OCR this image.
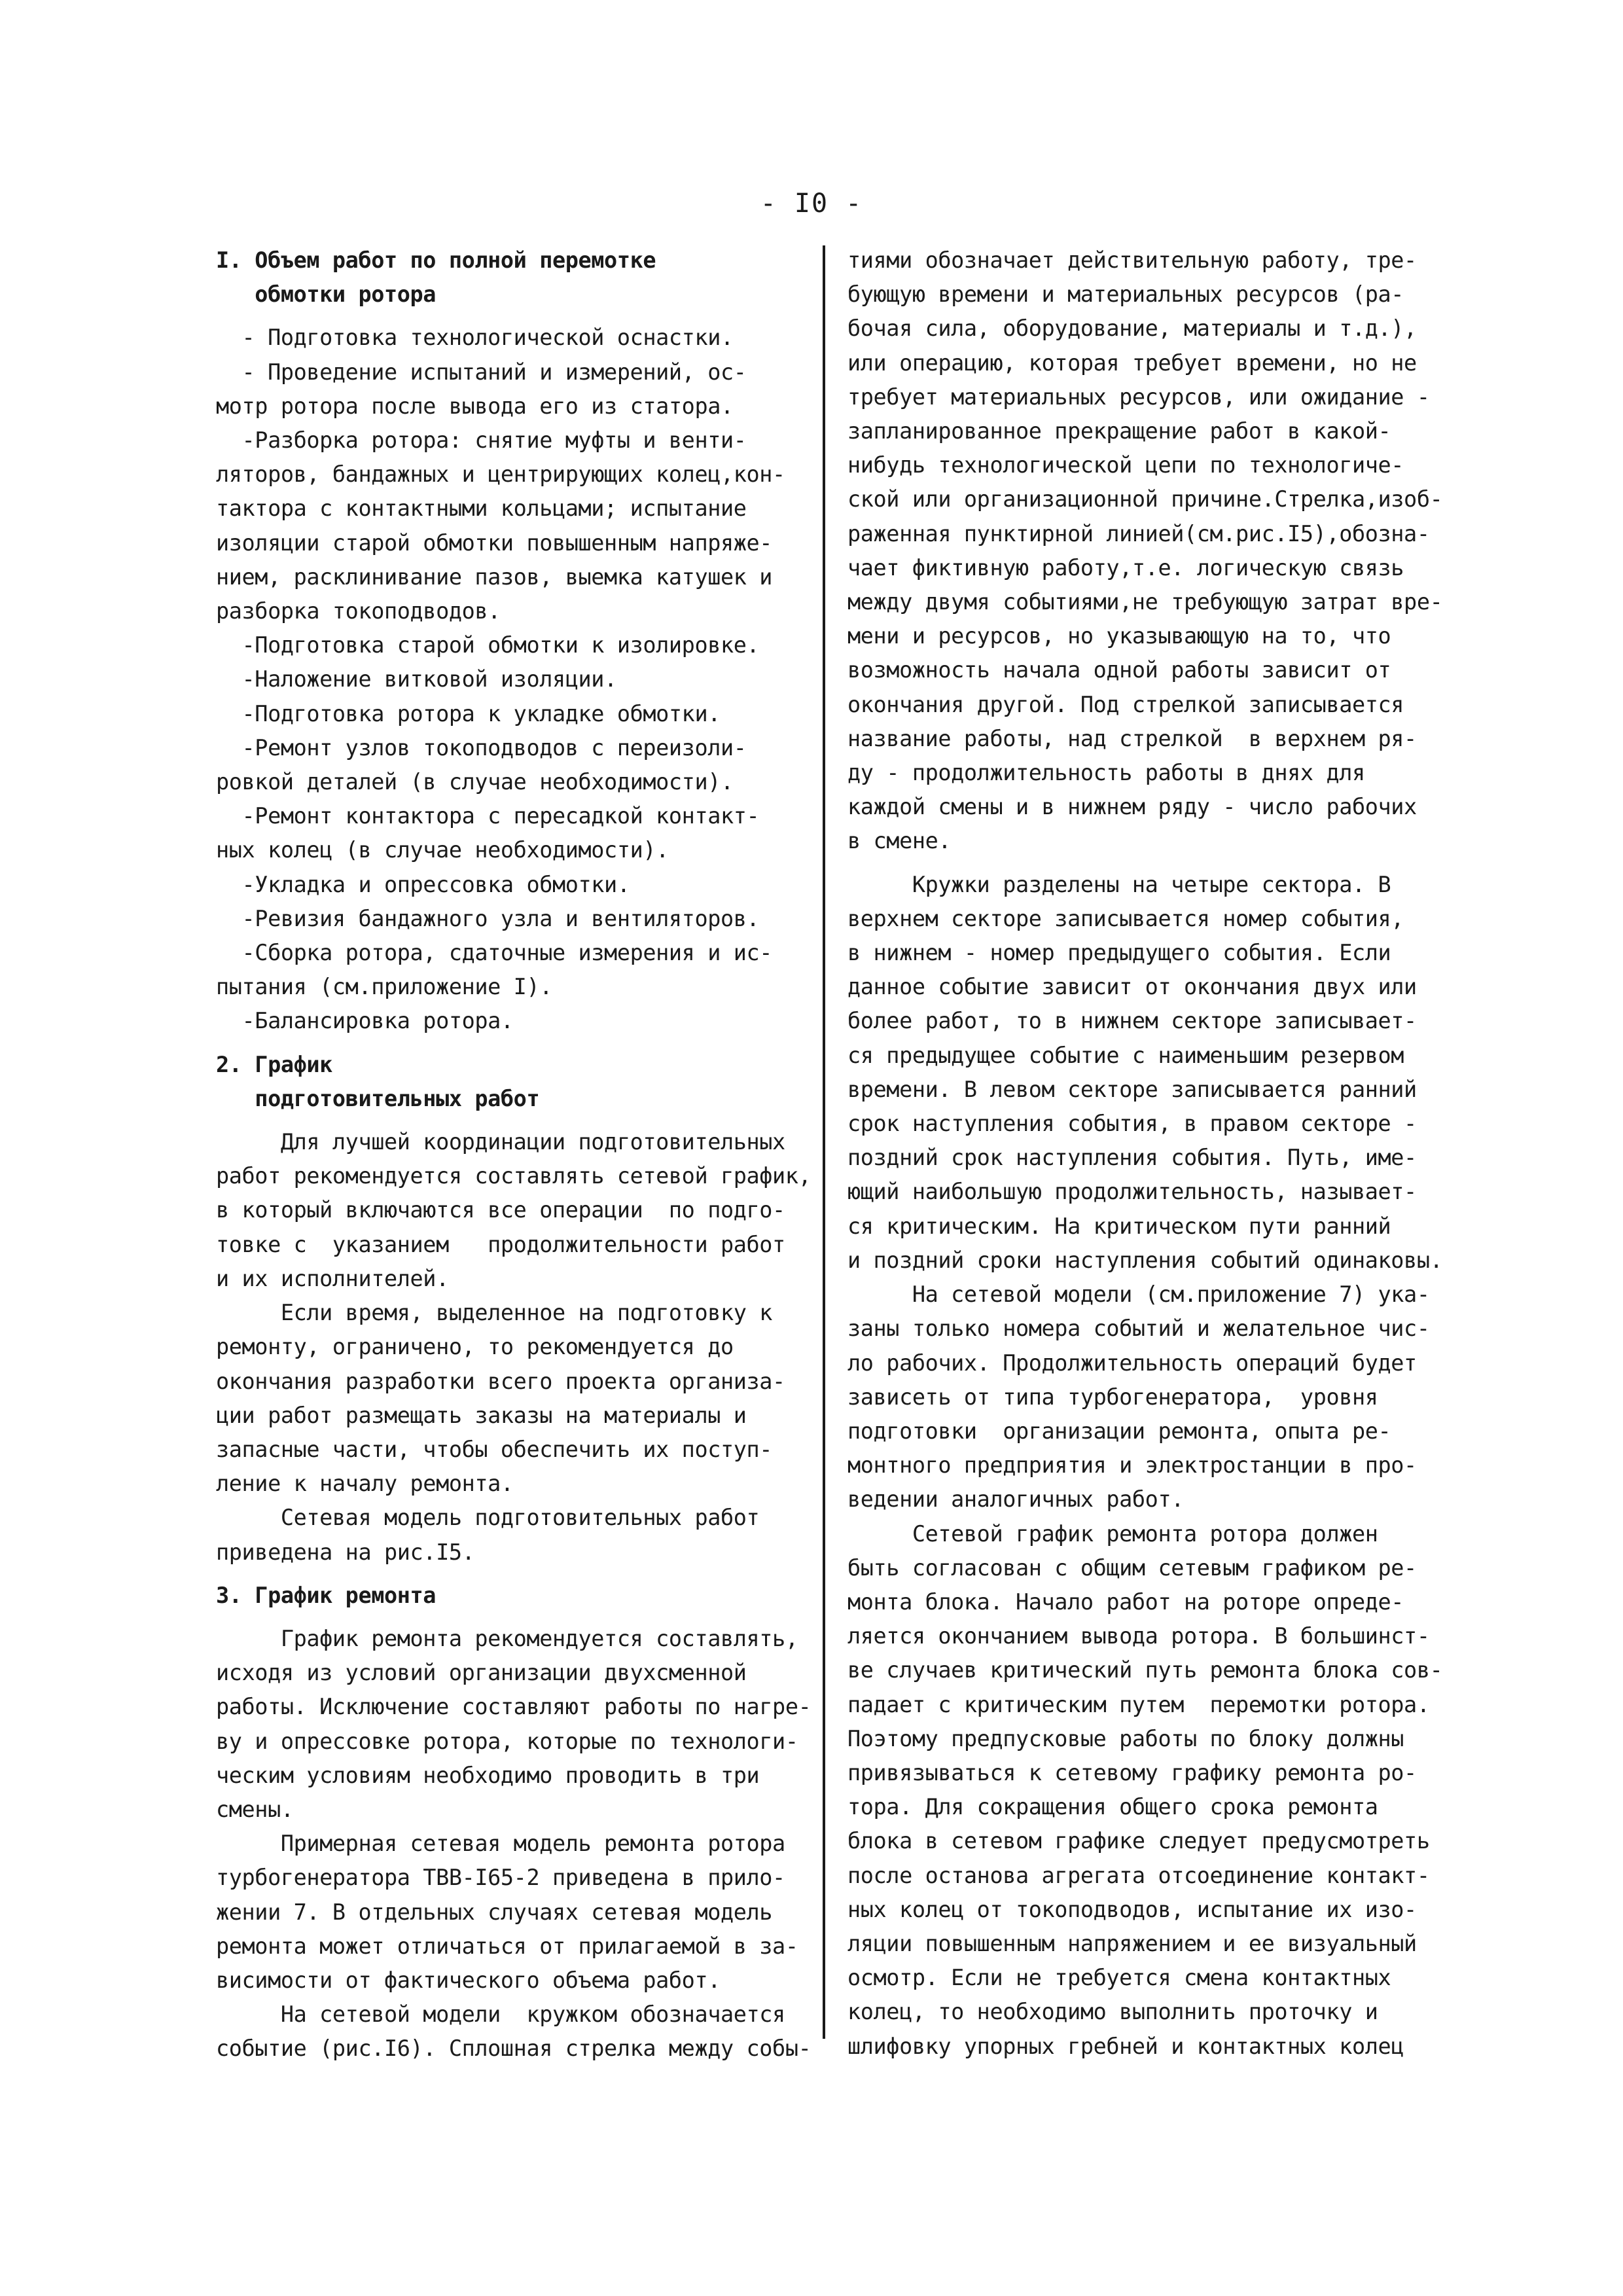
- I0 -
I. Объем работ по полной перемотке
обмотки ротора
- Подготовка технологической оснастки.
- Проведение испытаний и измерений, ос-
мотр ротора после вывода его из статора.
-Разборка ротора: снятие муфты и венти-
ляторов, бандажных и центрирующих колец,кон-
тактора с контактными кольцами; испытание
изоляции старой обмотки повышенным напряже-
нием, расклинивание пазов, выемка катушек и
разборка токоподводов.
-Подготовка старой обмотки к изолировке.
-Наложение витковой изоляции.
-Подготовка ротора к укладке обмотки.
-Ремонт узлов токоподводов с переизоли-
ровкой деталей (в случае необходимости).
-Ремонт контактора с пересадкой контакт-
ных колец (в случае необходимости).
-Укладка и опрессовка обмотки.
-Ревизия бандажного узла и вентиляторов.
-Сборка ротора, сдаточные измерения и ис-
пытания (см.приложение I).
-Балансировка ротора.
2. График
подготовительных работ
Для лучшей координации подготовительных
работ рекомендуется составлять сетевой график,
в который включаются все операции  по подго-
товке с  указанием   продолжительности работ
и их исполнителей.
Если время, выделенное на подготовку к
ремонту, ограничено, то рекомендуется до
окончания разработки всего проекта организа-
ции работ размещать заказы на материалы и
запасные части, чтобы обеспечить их поступ-
ление к началу ремонта.
Сетевая модель подготовительных работ
приведена на рис.I5.
3. График ремонта
График ремонта рекомендуется составлять,
исходя из условий организации двухсменной
работы. Исключение составляют работы по нагре-
ву и опрессовке ротора, которые по технологи-
ческим условиям необходимо проводить в три
смены.
Примерная сетевая модель ремонта ротора
турбогенератора ТВВ-I65-2 приведена в прило-
жении 7. В отдельных случаях сетевая модель
ремонта может отличаться от прилагаемой в за-
висимости от фактического объема работ.
На сетевой модели  кружком обозначается
событие (рис.I6). Сплошная стрелка между собы-
тиями обозначает действительную работу, тре-
бующую времени и материальных ресурсов (ра-
бочая сила, оборудование, материалы и т.д.),
или операцию, которая требует времени, но не
требует материальных ресурсов, или ожидание -
запланированное прекращение работ в какой-
нибудь технологической цепи по технологиче-
ской или организационной причине.Стрелка,изоб-
раженная пунктирной линией(см.рис.I5),обозна-
чает фиктивную работу,т.е. логическую связь
между двумя событиями,не требующую затрат вре-
мени и ресурсов, но указывающую на то, что
возможность начала одной работы зависит от
окончания другой. Под стрелкой записывается
название работы, над стрелкой  в верхнем ря-
ду - продолжительность работы в днях для
каждой смены и в нижнем ряду - число рабочих
в смене.
Кружки разделены на четыре сектора. В
верхнем секторе записывается номер события,
в нижнем - номер предыдущего события. Если
данное событие зависит от окончания двух или
более работ, то в нижнем секторе записывает-
ся предыдущее событие с наименьшим резервом
времени. В левом секторе записывается ранний
срок наступления события, в правом секторе -
поздний срок наступления события. Путь, име-
ющий наибольшую продолжительность, называет-
ся критическим. На критическом пути ранний
и поздний сроки наступления событий одинаковы.
На сетевой модели (см.приложение 7) ука-
заны только номера событий и желательное чис-
ло рабочих. Продолжительность операций будет
зависеть от типа турбогенератора,  уровня
подготовки  организации ремонта, опыта ре-
монтного предприятия и электростанции в про-
ведении аналогичных работ.
Сетевой график ремонта ротора должен
быть согласован с общим сетевым графиком ре-
монта блока. Начало работ на роторе опреде-
ляется окончанием вывода ротора. В большинст-
ве случаев критический путь ремонта блока сов-
падает с критическим путем  перемотки ротора.
Поэтому предпусковые работы по блоку должны
привязываться к сетевому графику ремонта ро-
тора. Для сокращения общего срока ремонта
блока в сетевом графике следует предусмотреть
после останова агрегата отсоединение контакт-
ных колец от токоподводов, испытание их изо-
ляции повышенным напряжением и ее визуальный
осмотр. Если не требуется смена контактных
колец, то необходимо выполнить проточку и
шлифовку упорных гребней и контактных колец
